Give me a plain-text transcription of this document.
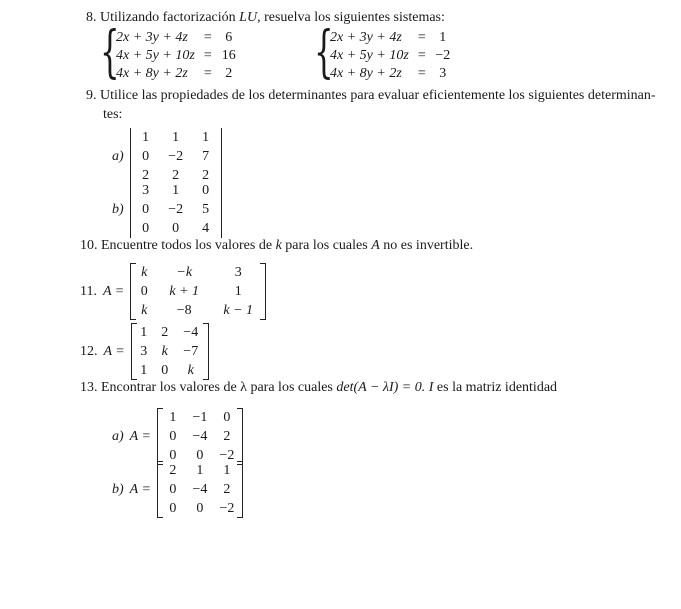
8. Utilizando factorización LU, resuelva los siguientes sistemas:
{
2x + 3y + 4z	= 6
4x + 5y + 10z = 16
4x + 8y + 2z	= 2 {
2x + 3y + 4z	= 1
4x + 5y + 10z = −2
4x + 8y + 2z	= 3
9. Utilice las propiedades de los determinantes para evaluar eficientemente los siguientes determinan-
tes:
a)
1	1	1
0	−2	7
2	2	2
b)
3	1	0
0	−2	5
0	0	4
10. Encuentre todos los valores de k para los cuales A no es invertible.
11. A =
k	−k	3
0	k + 1	1
k	−8	k − 1
12. A =
1 2 −4
3 k −7
1 0	k
13. Encontrar los valores de λ para los cuales det(A − λI) = 0. I es la matriz identidad
a) A =
1	−1	0
0	−4	2
0	0	−2
b) A =
2	1	1
0	−4	2
0	0	−2
